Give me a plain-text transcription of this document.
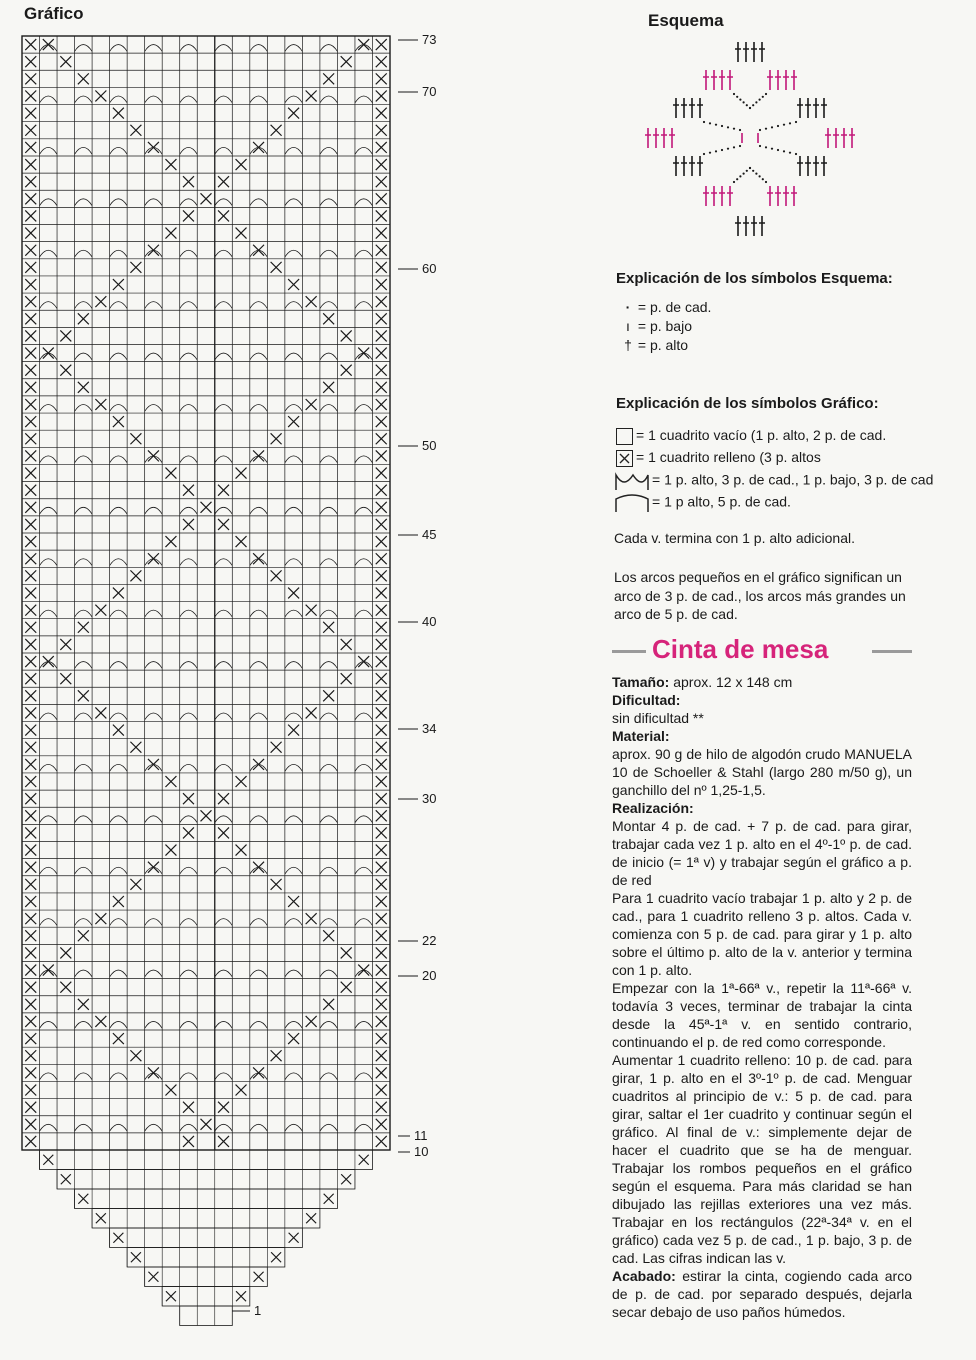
Gráfico
73
70
60
50
45
40
34
30
22
20
11
10
1
Esquema
Explicación de los símbolos Esquema:
· = p. de cad.
ı = p. bajo
† = p. alto
Explicación de los símbolos Gráfico:
= 1 cuadrito vacío (1 p. alto, 2 p. de cad.
= 1 cuadrito relleno (3 p. altos
= 1 p. alto, 3 p. de cad., 1 p. bajo, 3 p. de cad
= 1 p alto, 5 p. de cad.
Cada v. termina con 1 p. alto adicional.
Los arcos pequeños en el gráfico significan un arco de 3 p. de cad., los arcos más grandes un arco de 5 p. de cad.
Cinta de mesa
Tamaño: aprox. 12 x 148 cm
Dificultad:
sin dificultad **
Material:
aprox. 90 g de hilo de algodón crudo MANUELA 10 de Schoeller & Stahl (largo 280 m/50 g), un ganchillo del nº 1,25-1,5.
Realización:
Montar 4 p. de cad. + 7 p. de cad. para girar, trabajar cada vez 1 p. alto en el 4º-1º p. de cad. de inicio (= 1ª v) y trabajar según el gráfico a p. de red
Para 1 cuadrito vacío trabajar 1 p. alto y 2 p. de cad., para 1 cuadrito relleno 3 p. altos. Cada v. comienza con 5 p. de cad. para girar y 1 p. alto sobre el último p. alto de la v. anterior y termina con 1 p. alto.
Empezar con la 1ª-66ª v., repetir la 11ª-66ª v. todavía 3 veces, terminar de trabajar la cinta desde la 45ª-1ª v. en sentido contrario, continuando el p. de red como corresponde.
Aumentar 1 cuadrito relleno: 10 p. de cad. para girar, 1 p. alto en el 3º-1º p. de cad. Menguar cuadritos al principio de v.: 5 p. de cad. para girar, saltar el 1er cuadrito y continuar según el gráfico. Al final de v.: simplemente dejar de hacer el cuadrito que se ha de menguar. Trabajar los rombos pequeños en el gráfico según el esquema. Para más claridad se han dibujado las rejillas exteriores una vez más. Trabajar en los rectángulos (22ª-34ª v. en el gráfico) cada vez 5 p. de cad., 1 p. bajo, 3 p. de cad. Las cifras indican las v.
Acabado: estirar la cinta, cogiendo cada arco de p. de cad. por separado después, dejarla secar debajo de uso paños húmedos.
